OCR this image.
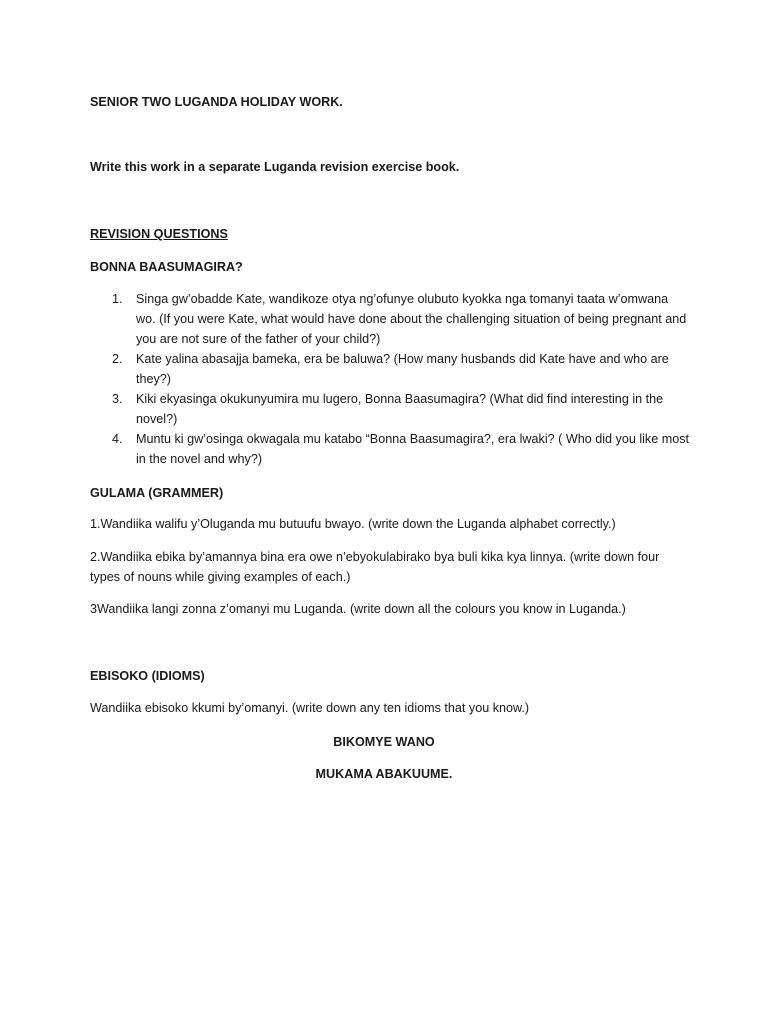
SENIOR TWO LUGANDA HOLIDAY WORK.

Write this work in a separate Luganda revision exercise book.

REVISION QUESTIONS

BONNA BAASUMAGIRA?

1. Singa gw’obadde Kate, wandikoze otya ng’ofunye olubuto kyokka nga tomanyi taata w’omwana wo. (If you were Kate, what would have done about the challenging situation of being pregnant and you are not sure of the father of your child?)
2. Kate yalina abasajja bameka, era be baluwa? (How many husbands did Kate have and who are they?)
3. Kiki ekyasinga okukunyumira mu lugero, Bonna Baasumagira? (What did find interesting in the novel?)
4. Muntu ki gw’osinga okwagala mu katabo “Bonna Baasumagira?, era lwaki? ( Who did you like most in the novel and why?)

GULAMA (GRAMMER)

1.Wandiika walifu y’Oluganda mu butuufu bwayo. (write down the Luganda alphabet correctly.)

2.Wandiika ebika by’amannya bina era owe n’ebyokulabirako bya buli kika kya linnya. (write down four types of nouns while giving examples of each.)

3Wandiika langi zonna z’omanyi mu Luganda. (write down all the colours you know in Luganda.)

EBISOKO (IDIOMS)

Wandiika ebisoko kkumi by’omanyi. (write down any ten idioms that you know.)

BIKOMYE WANO

MUKAMA ABAKUUME.
